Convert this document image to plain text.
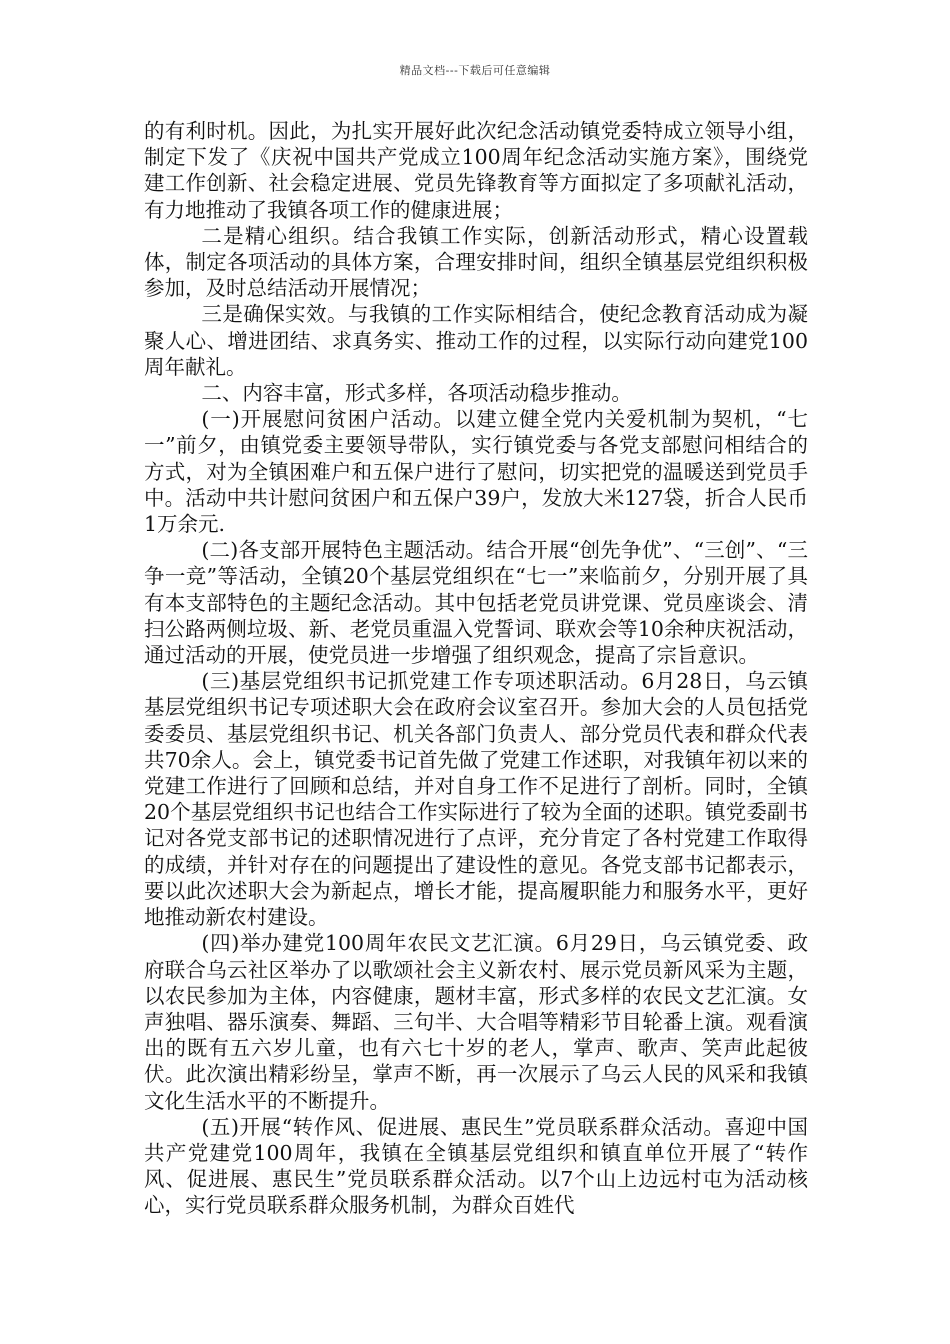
精品文档---下载后可任意编辑

的有利时机。因此，为扎实开展好此次纪念活动镇党委特成立领导小组，制定下发了《庆祝中国共产党成立100周年纪念活动实施方案》，围绕党建工作创新、社会稳定进展、党员先锋教育等方面拟定了多项献礼活动，有力地推动了我镇各项工作的健康进展；

二是精心组织。结合我镇工作实际，创新活动形式，精心设置载体，制定各项活动的具体方案，合理安排时间，组织全镇基层党组织积极参加，及时总结活动开展情况；

三是确保实效。与我镇的工作实际相结合，使纪念教育活动成为凝聚人心、增进团结、求真务实、推动工作的过程，以实际行动向建党100周年献礼。

二、内容丰富，形式多样，各项活动稳步推动。

(一)开展慰问贫困户活动。以建立健全党内关爱机制为契机，“七一”前夕，由镇党委主要领导带队，实行镇党委与各党支部慰问相结合的方式，对为全镇困难户和五保户进行了慰问，切实把党的温暖送到党员手中。活动中共计慰问贫困户和五保户39户，发放大米127袋，折合人民币1万余元.

(二)各支部开展特色主题活动。结合开展“创先争优”、“三创”、“三争一竞”等活动，全镇20个基层党组织在“七一”来临前夕，分别开展了具有本支部特色的主题纪念活动。其中包括老党员讲党课、党员座谈会、清扫公路两侧垃圾、新、老党员重温入党誓词、联欢会等10余种庆祝活动，通过活动的开展，使党员进一步增强了组织观念，提高了宗旨意识。

(三)基层党组织书记抓党建工作专项述职活动。6月28日，乌云镇基层党组织书记专项述职大会在政府会议室召开。参加大会的人员包括党委委员、基层党组织书记、机关各部门负责人、部分党员代表和群众代表共70余人。会上，镇党委书记首先做了党建工作述职，对我镇年初以来的党建工作进行了回顾和总结，并对自身工作不足进行了剖析。同时，全镇20个基层党组织书记也结合工作实际进行了较为全面的述职。镇党委副书记对各党支部书记的述职情况进行了点评，充分肯定了各村党建工作取得的成绩，并针对存在的问题提出了建设性的意见。各党支部书记都表示，要以此次述职大会为新起点，增长才能，提高履职能力和服务水平，更好地推动新农村建设。

(四)举办建党100周年农民文艺汇演。6月29日，乌云镇党委、政府联合乌云社区举办了以歌颂社会主义新农村、展示党员新风采为主题，以农民参加为主体，内容健康，题材丰富，形式多样的农民文艺汇演。女声独唱、器乐演奏、舞蹈、三句半、大合唱等精彩节目轮番上演。观看演出的既有五六岁儿童，也有六七十岁的老人，掌声、歌声、笑声此起彼伏。此次演出精彩纷呈，掌声不断，再一次展示了乌云人民的风采和我镇文化生活水平的不断提升。

(五)开展“转作风、促进展、惠民生”党员联系群众活动。喜迎中国共产党建党100周年，我镇在全镇基层党组织和镇直单位开展了“转作风、促进展、惠民生”党员联系群众活动。以7个山上边远村屯为活动核心，实行党员联系群众服务机制，为群众百姓代
